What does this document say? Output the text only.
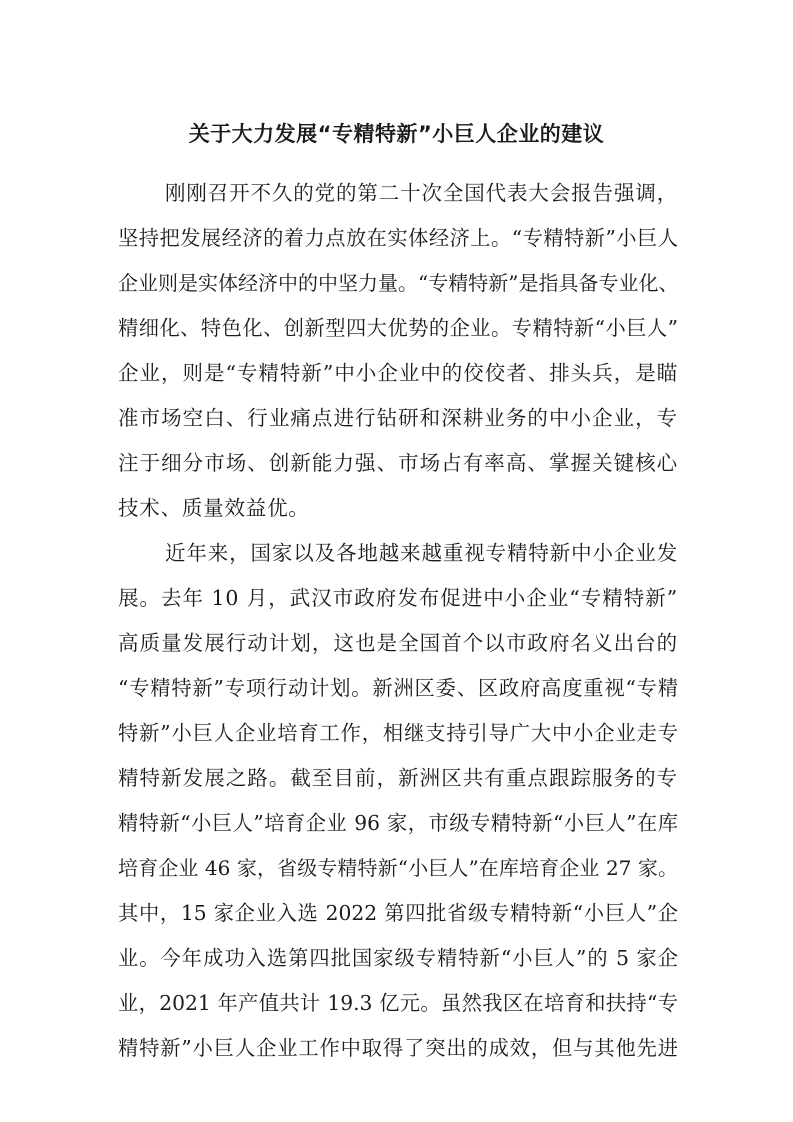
关于大力发展“专精特新”小巨人企业的建议
刚刚召开不久的党的第二十次全国代表大会报告强调，
坚持把发展经济的着力点放在实体经济上。“专精特新”小巨人
企业则是实体经济中的中坚力量。“专精特新”是指具备专业化、
精细化、特色化、创新型四大优势的企业。专精特新“小巨人”
企业，则是“专精特新”中小企业中的佼佼者、排头兵，是瞄
准市场空白、行业痛点进行钻研和深耕业务的中小企业，专
注于细分市场、创新能力强、市场占有率高、掌握关键核心
技术、质量效益优。
近年来，国家以及各地越来越重视专精特新中小企业发
展。去年 10 月，武汉市政府发布促进中小企业“专精特新”
高质量发展行动计划，这也是全国首个以市政府名义出台的
“专精特新”专项行动计划。新洲区委、区政府高度重视“专精
特新”小巨人企业培育工作，相继支持引导广大中小企业走专
精特新发展之路。截至目前，新洲区共有重点跟踪服务的专
精特新“小巨人”培育企业 96 家，市级专精特新“小巨人”在库
培育企业 46 家，省级专精特新“小巨人”在库培育企业 27 家。
其中，15 家企业入选 2022 第四批省级专精特新“小巨人”企
业。今年成功入选第四批国家级专精特新“小巨人”的 5 家企
业，2021 年产值共计 19.3 亿元。虽然我区在培育和扶持“专
精特新”小巨人企业工作中取得了突出的成效，但与其他先进
